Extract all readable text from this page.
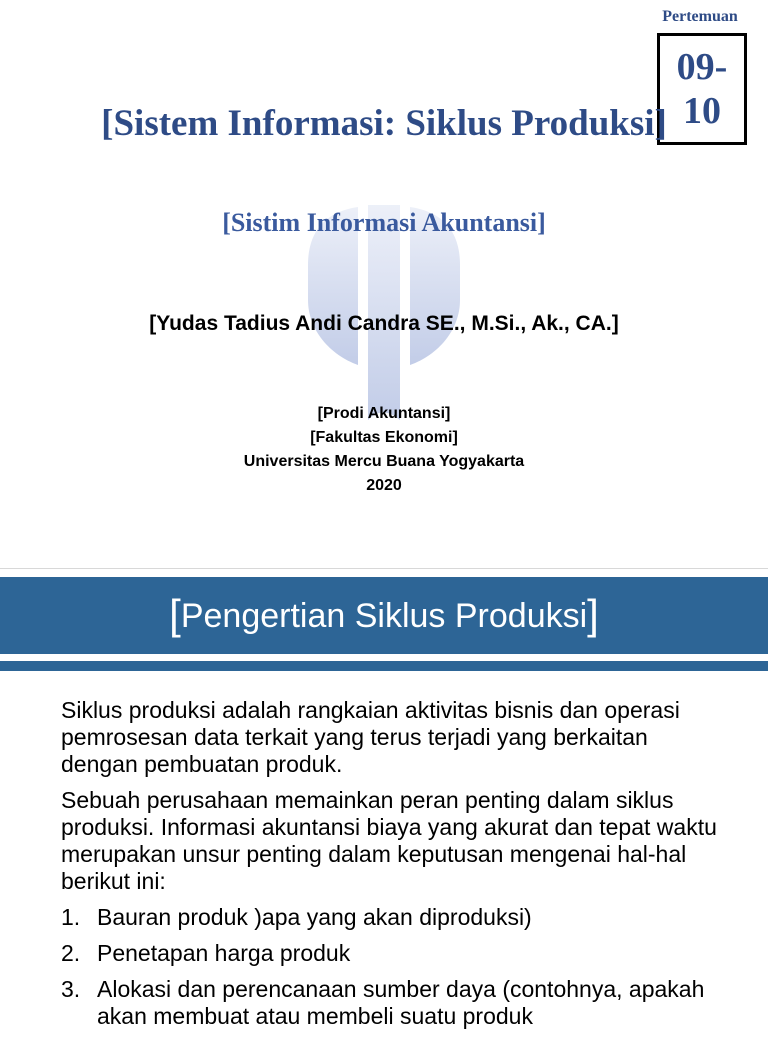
Pertemuan
09-10
[Sistem Informasi: Siklus Produksi]
[Sistim Informasi Akuntansi]
[Yudas Tadius Andi Candra SE., M.Si., Ak., CA.]
[Prodi Akuntansi]
[Fakultas Ekonomi]
Universitas Mercu Buana Yogyakarta
2020
[Pengertian Siklus Produksi]

Siklus produksi adalah rangkaian aktivitas bisnis dan operasi pemrosesan data terkait yang terus terjadi yang berkaitan dengan pembuatan produk.

Sebuah perusahaan memainkan peran penting dalam siklus produksi. Informasi akuntansi biaya yang akurat dan tepat waktu merupakan unsur penting dalam keputusan mengenai hal-hal berikut ini:

1. Bauran produk )apa yang akan diproduksi)
2. Penetapan harga produk
3. Alokasi dan perencanaan sumber daya (contohnya, apakah akan membuat atau membeli suatu produk
